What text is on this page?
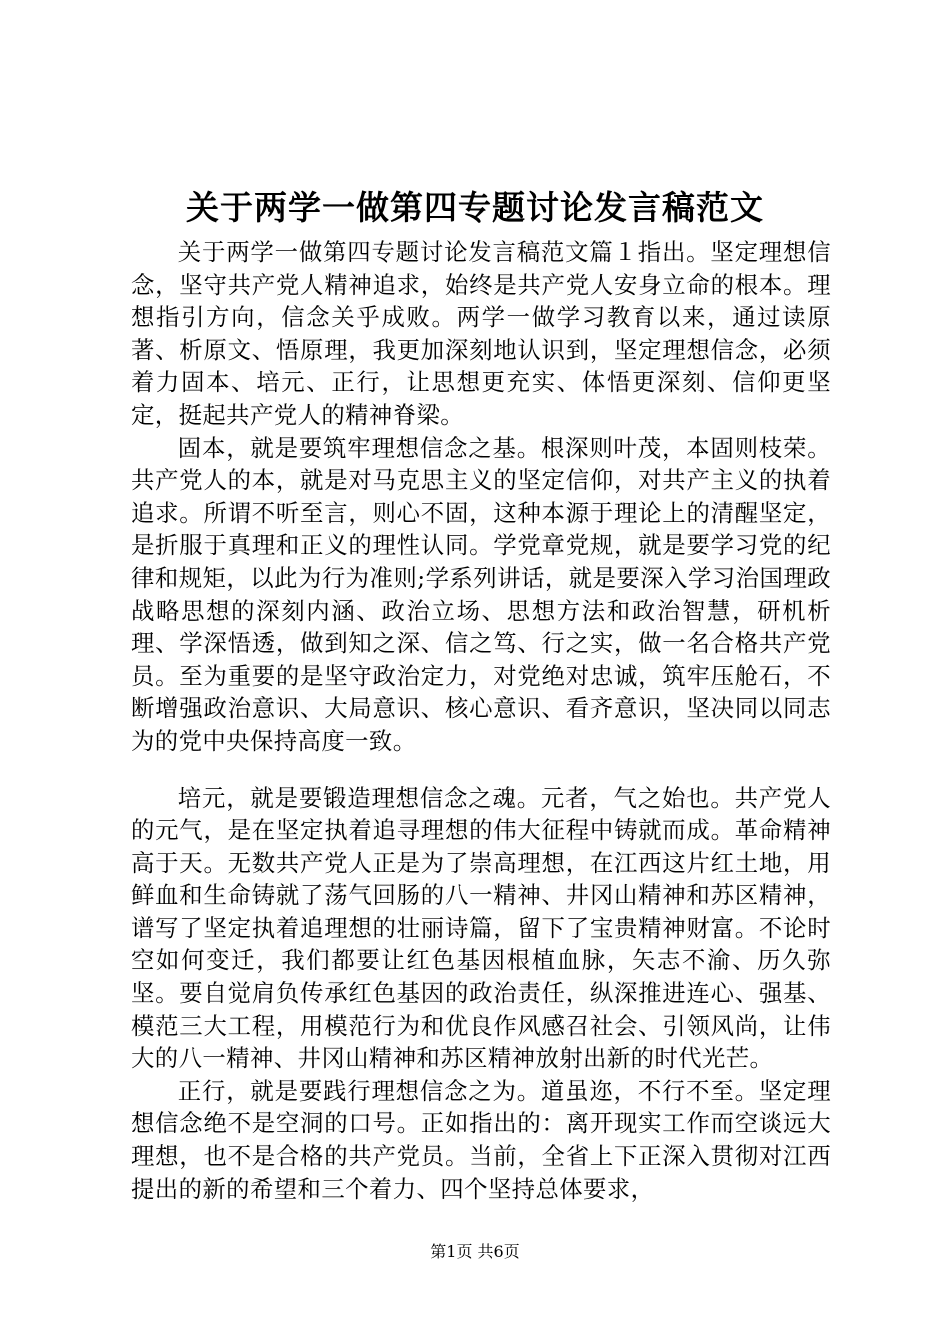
关于两学一做第四专题讨论发言稿范文

关于两学一做第四专题讨论发言稿范文篇１指出。坚定理想信念，坚守共产党人精神追求，始终是共产党人安身立命的根本。理想指引方向，信念关乎成败。两学一做学习教育以来，通过读原著、析原文、悟原理，我更加深刻地认识到，坚定理想信念，必须着力固本、培元、正行，让思想更充实、体悟更深刻、信仰更坚定，挺起共产党人的精神脊梁。

固本，就是要筑牢理想信念之基。根深则叶茂，本固则枝荣。共产党人的本，就是对马克思主义的坚定信仰，对共产主义的执着追求。所谓不听至言，则心不固，这种本源于理论上的清醒坚定，是折服于真理和正义的理性认同。学党章党规，就是要学习党的纪律和规矩，以此为行为准则;学系列讲话，就是要深入学习治国理政战略思想的深刻内涵、政治立场、思想方法和政治智慧，研机析理、学深悟透，做到知之深、信之笃、行之实，做一名合格共产党员。至为重要的是坚守政治定力，对党绝对忠诚，筑牢压舱石，不断增强政治意识、大局意识、核心意识、看齐意识，坚决同以同志为的党中央保持高度一致。

培元，就是要锻造理想信念之魂。元者，气之始也。共产党人的元气，是在坚定执着追寻理想的伟大征程中铸就而成。革命精神高于天。无数共产党人正是为了崇高理想，在江西这片红土地，用鲜血和生命铸就了荡气回肠的八一精神、井冈山精神和苏区精神，谱写了坚定执着追理想的壮丽诗篇，留下了宝贵精神财富。不论时空如何变迁，我们都要让红色基因根植血脉，矢志不渝、历久弥坚。要自觉肩负传承红色基因的政治责任，纵深推进连心、强基、模范三大工程，用模范行为和优良作风感召社会、引领风尚，让伟大的八一精神、井冈山精神和苏区精神放射出新的时代光芒。

正行，就是要践行理想信念之为。道虽迩，不行不至。坚定理想信念绝不是空洞的口号。正如指出的：离开现实工作而空谈远大理想，也不是合格的共产党员。当前，全省上下正深入贯彻对江西提出的新的希望和三个着力、四个坚持总体要求，

第1页 共6页
